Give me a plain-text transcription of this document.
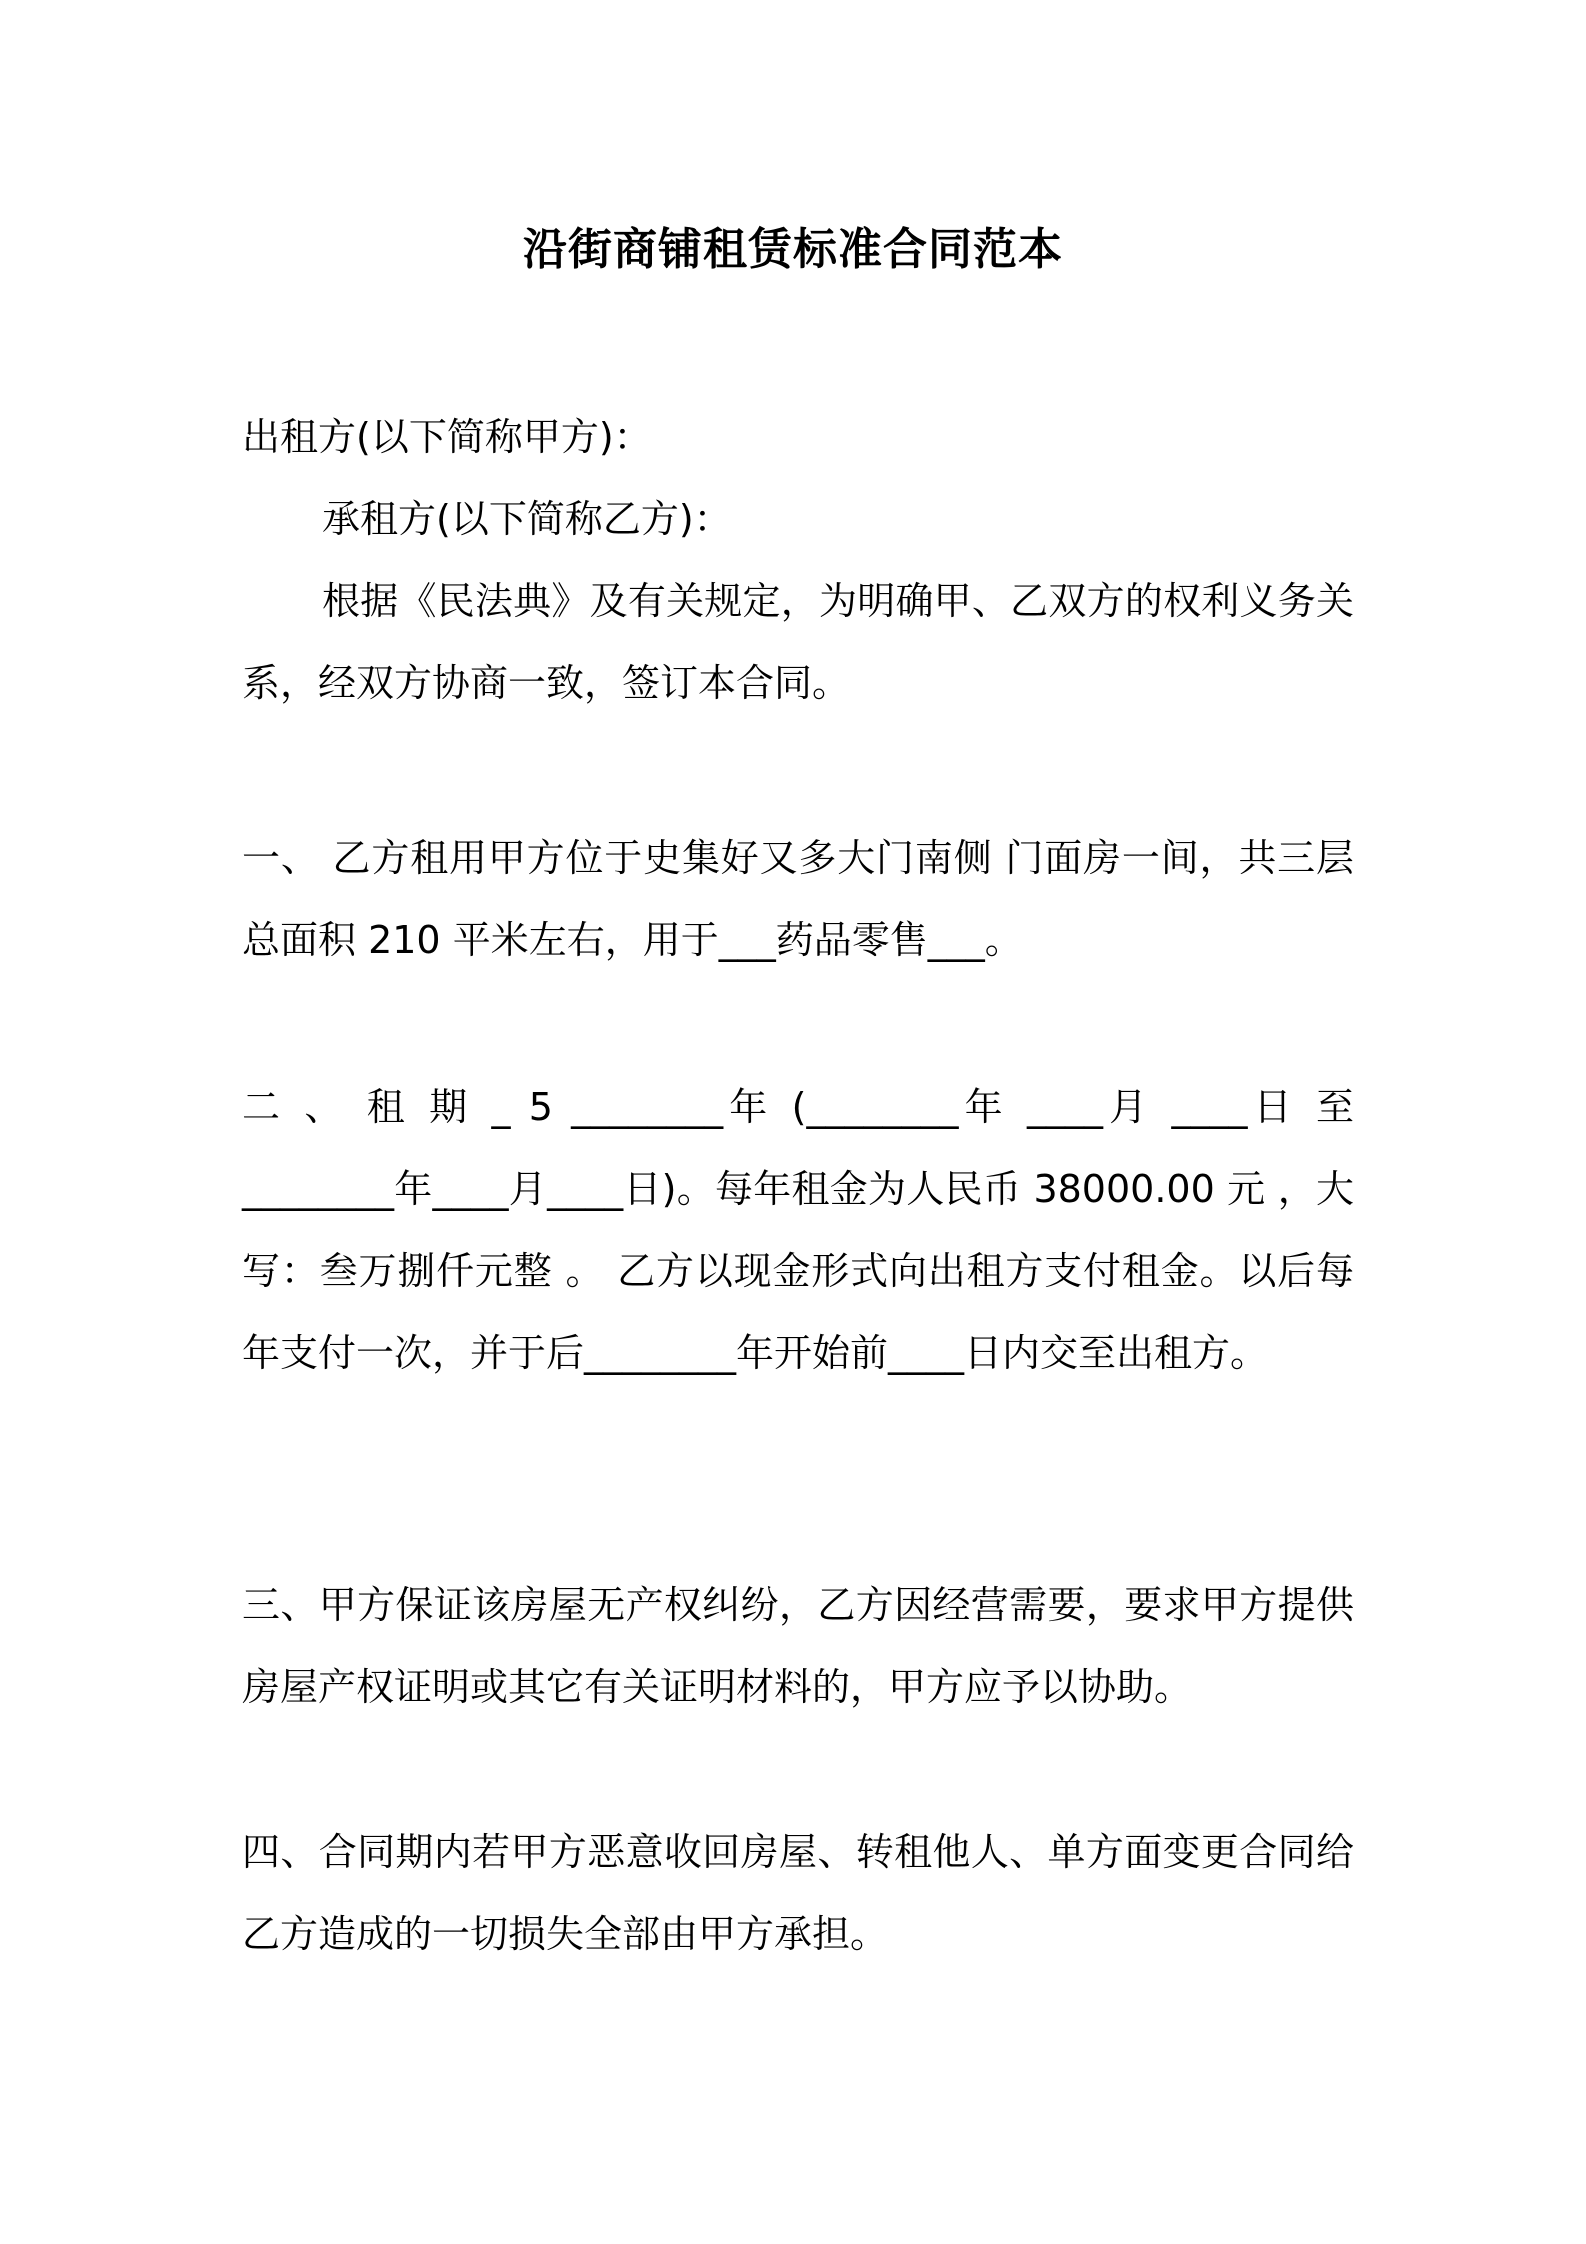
沿街商铺租赁标准合同范本

出租方(以下简称甲方)：

承租方(以下简称乙方)：

根据《民法典》及有关规定，为明确甲、乙双方的权利义务关系，经双方协商一致，签订本合同。

一、 乙方租用甲方位于史集好又多大门南侧 门面房一间，共三层总面积 210 平米左右，用于___药品零售___。

二 、 租 期 _ 5 ________年 (________年 ____月 ____日 至 ________年____月____日)。每年租金为人民币 38000.00 元 ，大写：叁万捌仟元整 。 乙方以现金形式向出租方支付租金。以后每年支付一次，并于后________年开始前____日内交至出租方。

三、甲方保证该房屋无产权纠纷，乙方因经营需要，要求甲方提供房屋产权证明或其它有关证明材料的，甲方应予以协助。

四、合同期内若甲方恶意收回房屋、转租他人、单方面变更合同给乙方造成的一切损失全部由甲方承担。
